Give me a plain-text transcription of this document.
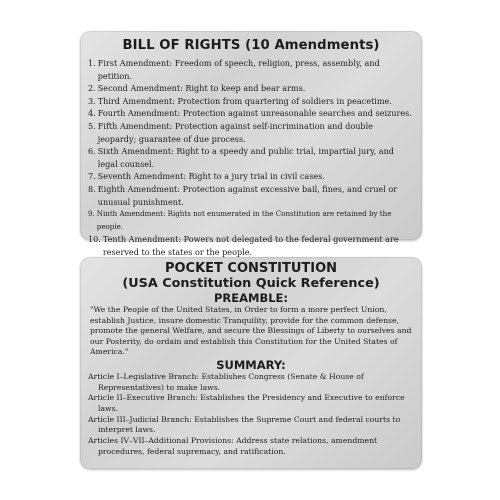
BILL OF RIGHTS (10 Amendments)
1. First Amendment: Freedom of speech, religion, press, assembly, and petition.
2. Second Amendment: Right to keep and bear arms.
3. Third Amendment: Protection from quartering of soldiers in peacetime.
4. Fourth Amendment: Protection against unreasonable searches and seizures.
5. Fifth Amendment: Protection against self-incrimination and double jeopardy; guarantee of due process.
6. Sixth Amendment: Right to a speedy and public trial, impartial jury, and legal counsel.
7. Seventh Amendment: Right to a jury trial in civil cases.
8. Eighth Amendment: Protection against excessive bail, fines, and cruel or unusual punishment.
9. Ninth Amendment: Rights not enumerated in the Constitution are retained by the people.
10. Tenth Amendment: Powers not delegated to the federal government are reserved to the states or the people.
POCKET CONSTITUTION
(USA Constitution Quick Reference)
PREAMBLE:

"We the People of the United States, in Order to form a more perfect Union, establish Justice, insure domestic Tranquility, provide for the common defense, promote the general Welfare, and secure the Blessings of Liberty to ourselves and our Posterity, do ordain and establish this Constitution for the United States of America."

SUMMARY:
Article I–Legislative Branch: Establishes Congress (Senate & House of Representatives) to make laws.
Article II–Executive Branch: Establishes the Presidency and Executive to enforce laws.
Article III–Judicial Branch: Establishes the Supreme Court and federal courts to interpret laws.
Articles IV–VII–Additional Provisions: Address state relations, amendment procedures, federal supremacy, and ratification.
